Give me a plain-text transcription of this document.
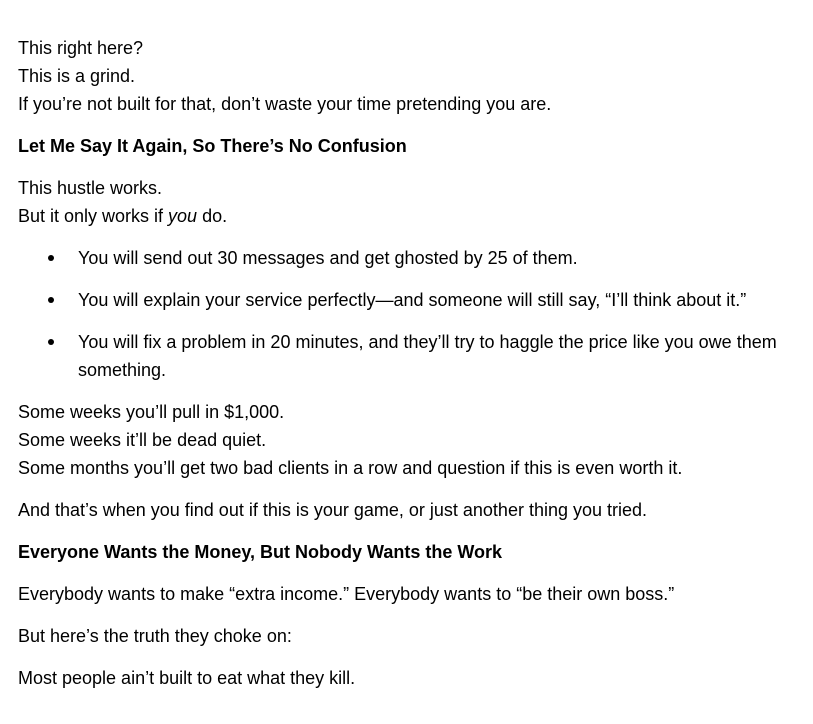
This right here?
This is a grind.
If you’re not built for that, don’t waste your time pretending you are.

Let Me Say It Again, So There’s No Confusion

This hustle works.
But it only works if you do.

You will send out 30 messages and get ghosted by 25 of them.
You will explain your service perfectly—and someone will still say, “I’ll think about it.”
You will fix a problem in 20 minutes, and they’ll try to haggle the price like you owe them something.

Some weeks you’ll pull in $1,000.
Some weeks it’ll be dead quiet.
Some months you’ll get two bad clients in a row and question if this is even worth it.

And that’s when you find out if this is your game, or just another thing you tried.

Everyone Wants the Money, But Nobody Wants the Work

Everybody wants to make “extra income.” Everybody wants to “be their own boss.”

But here’s the truth they choke on:

Most people ain’t built to eat what they kill.
